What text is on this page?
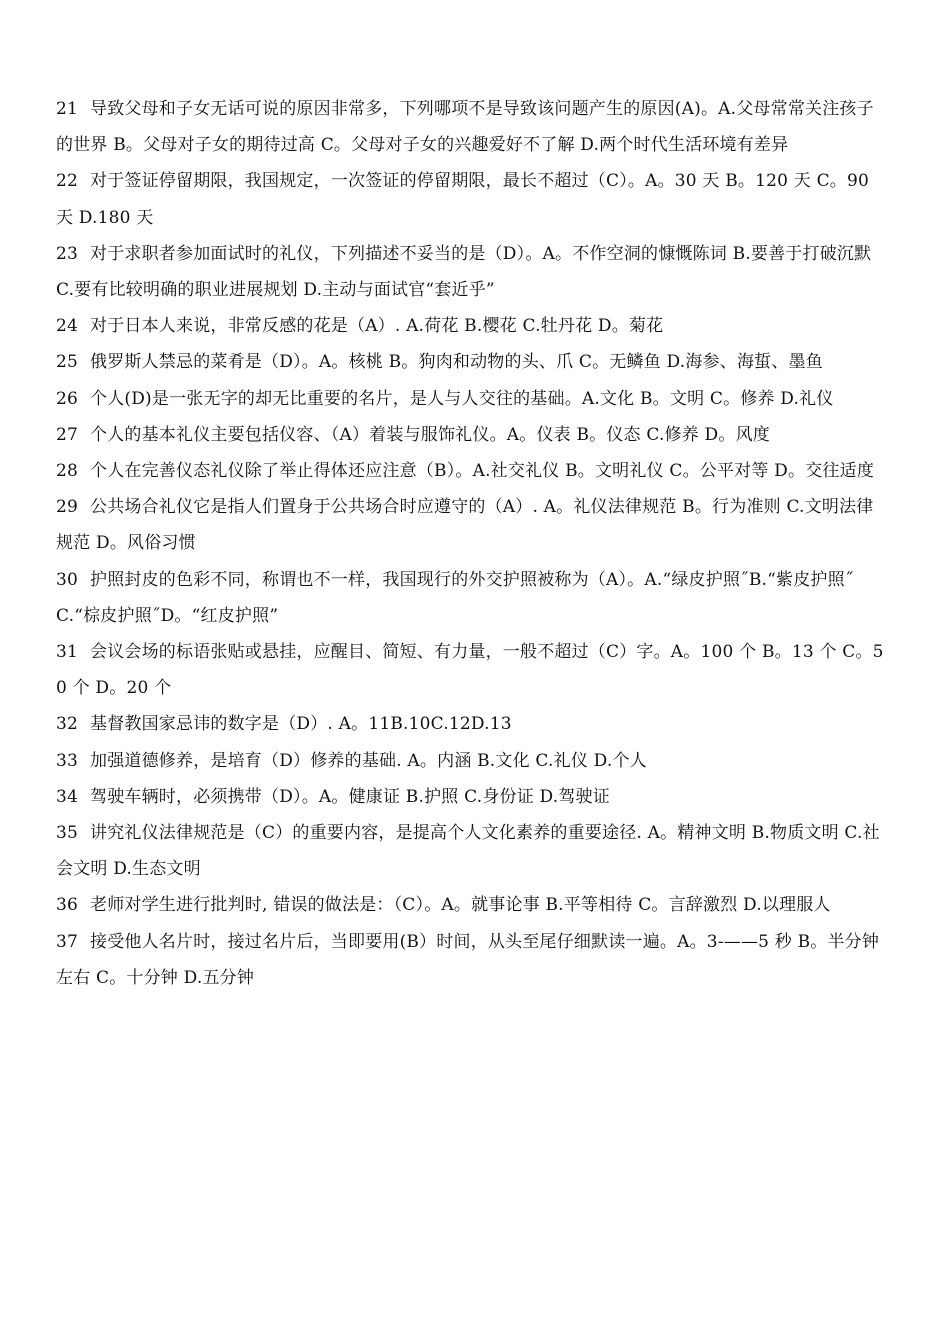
21 导致父母和子女无话可说的原因非常多，下列哪项不是导致该问题产生的原因(A)。A.父母常常关注孩子的世界 B。父母对子女的期待过高 C。父母对子女的兴趣爱好不了解 D.两个时代生活环境有差异

22 对于签证停留期限，我国规定，一次签证的停留期限，最长不超过（C）。A。30 天 B。120 天 C。90 天 D.180 天

23 对于求职者参加面试时的礼仪，下列描述不妥当的是（D）。A。不作空洞的慷慨陈词 B.要善于打破沉默 C.要有比较明确的职业进展规划 D.主动与面试官“套近乎”

24 对于日本人来说，非常反感的花是（A）. A.荷花 B.樱花 C.牡丹花 D。菊花

25 俄罗斯人禁忌的菜肴是（D）。A。核桃 B。狗肉和动物的头、爪 C。无鳞鱼 D.海参、海蜇、墨鱼

26 个人(D)是一张无字的却无比重要的名片，是人与人交往的基础。A.文化 B。文明 C。修养 D.礼仪

27 个人的基本礼仪主要包括仪容、（A）着装与服饰礼仪。A。仪表 B。仪态 C.修养 D。风度

28 个人在完善仪态礼仪除了举止得体还应注意（B）。A.社交礼仪 B。文明礼仪 C。公平对等 D。交往适度

29 公共场合礼仪它是指人们置身于公共场合时应遵守的（A）. A。礼仪法律规范 B。行为准则 C.文明法律规范 D。风俗习惯

30 护照封皮的色彩不同，称谓也不一样，我国现行的外交护照被称为（A）。A.“绿皮护照˝B.“紫皮护照˝C.“棕皮护照˝D。“红皮护照”

31 会议会场的标语张贴或悬挂，应醒目、简短、有力量，一般不超过（C）字。A。100 个 B。13 个 C。50 个 D。20 个

32 基督教国家忌讳的数字是（D）. A。11B.10C.12D.13

33 加强道德修养，是培育（D）修养的基础. A。内涵 B.文化 C.礼仪 D.个人

34 驾驶车辆时，必须携带（D）。A。健康证 B.护照 C.身份证 D.驾驶证

35 讲究礼仪法律规范是（C）的重要内容，是提高个人文化素养的重要途径. A。精神文明 B.物质文明 C.社会文明 D.生态文明

36 老师对学生进行批判时, 错误的做法是：（C）。A。就事论事 B.平等相待 C。言辞激烈 D.以理服人

37 接受他人名片时，接过名片后，当即要用(B）时间，从头至尾仔细默读一遍。A。3-——5 秒 B。半分钟左右 C。十分钟 D.五分钟
